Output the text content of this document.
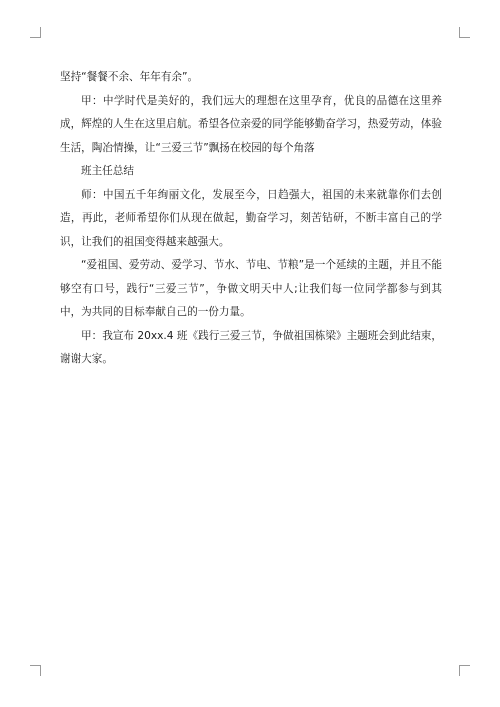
坚持“餐餐不余、年年有余”。

甲：中学时代是美好的，我们远大的理想在这里孕育，优良的品德在这里养成，辉煌的人生在这里启航。希望各位亲爱的同学能够勤奋学习，热爱劳动，体验生活，陶冶情操，让“三爱三节”飘扬在校园的每个角落

班主任总结

师：中国五千年绚丽文化，发展至今，日趋强大，祖国的未来就靠你们去创造，再此，老师希望你们从现在做起，勤奋学习，刻苦钻研，不断丰富自己的学识，让我们的祖国变得越来越强大。

“爱祖国、爱劳动、爱学习、节水、节电、节粮”是一个延续的主题，并且不能够空有口号，践行“三爱三节”，争做文明天中人;让我们每一位同学都参与到其中，为共同的目标奉献自己的一份力量。

甲：我宣布 20xx.4 班《践行三爱三节，争做祖国栋梁》主题班会到此结束，谢谢大家。
